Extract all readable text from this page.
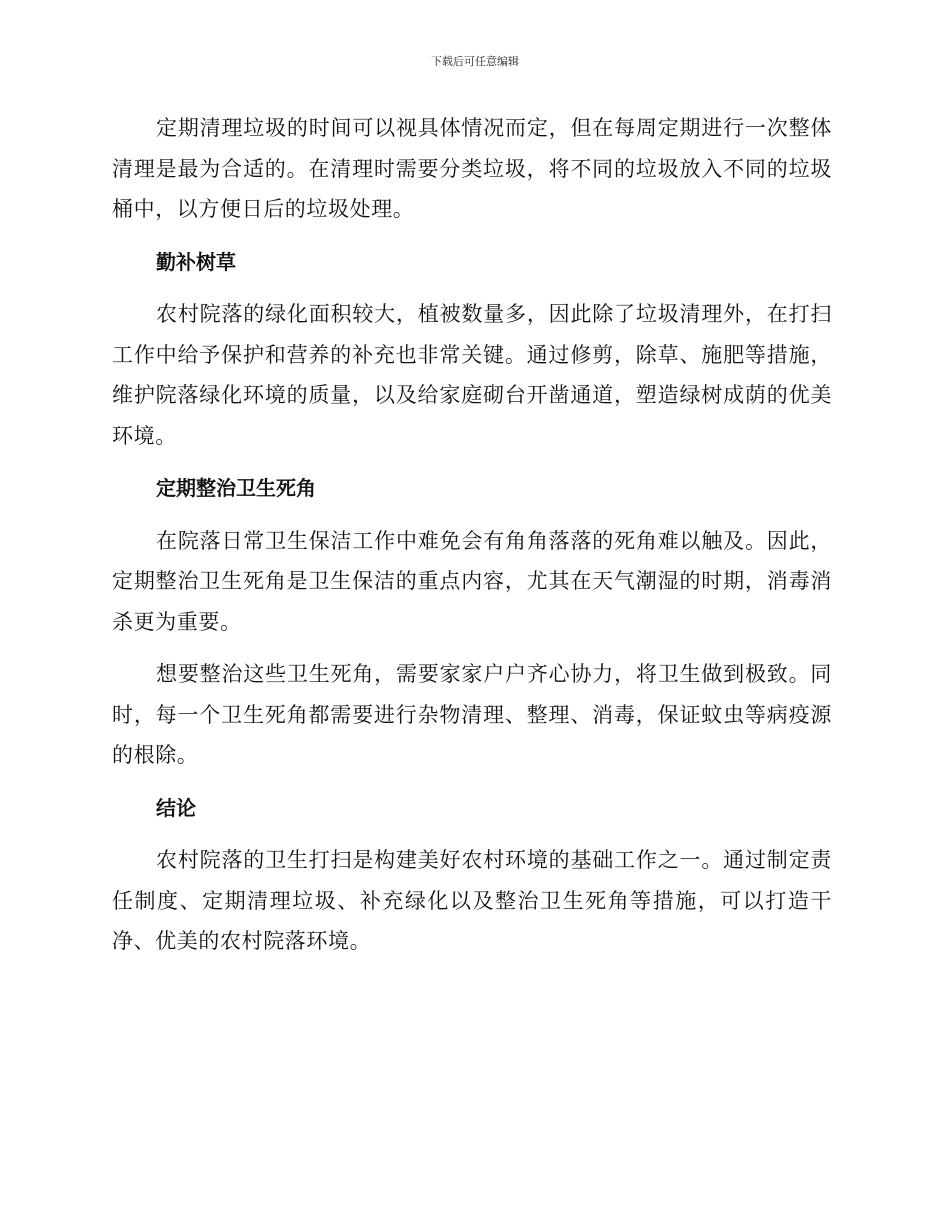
下载后可任意编辑

定期清理垃圾的时间可以视具体情况而定，但在每周定期进行一次整体清理是最为合适的。在清理时需要分类垃圾，将不同的垃圾放入不同的垃圾桶中，以方便日后的垃圾处理。

勤补树草

农村院落的绿化面积较大，植被数量多，因此除了垃圾清理外，在打扫工作中给予保护和营养的补充也非常关键。通过修剪，除草、施肥等措施，维护院落绿化环境的质量，以及给家庭砌台开凿通道，塑造绿树成荫的优美环境。

定期整治卫生死角

在院落日常卫生保洁工作中难免会有角角落落的死角难以触及。因此，定期整治卫生死角是卫生保洁的重点内容，尤其在天气潮湿的时期，消毒消杀更为重要。

想要整治这些卫生死角，需要家家户户齐心协力，将卫生做到极致。同时，每一个卫生死角都需要进行杂物清理、整理、消毒，保证蚊虫等病疫源的根除。

结论

农村院落的卫生打扫是构建美好农村环境的基础工作之一。通过制定责任制度、定期清理垃圾、补充绿化以及整治卫生死角等措施，可以打造干净、优美的农村院落环境。
